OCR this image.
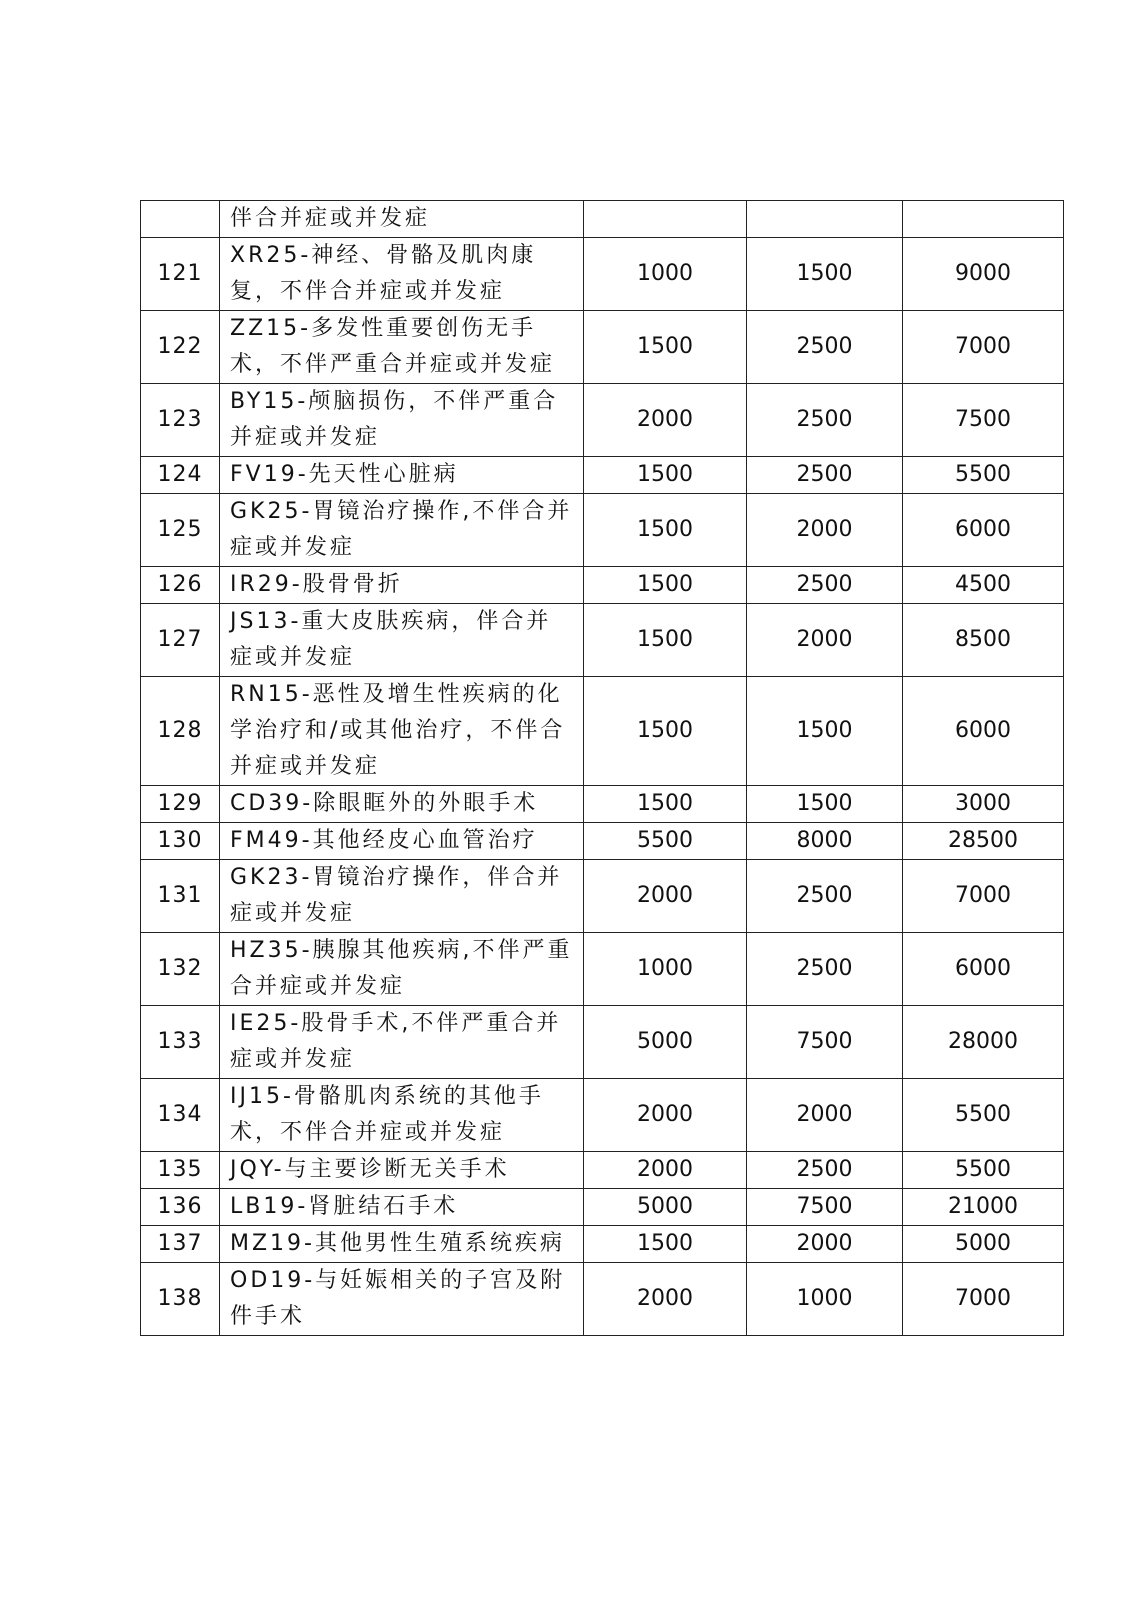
	伴合并症或并发症			
121	XR25-神经、骨骼及肌肉康复，不伴合并症或并发症	1000	1500	9000
122	ZZ15-多发性重要创伤无手术，不伴严重合并症或并发症	1500	2500	7000
123	BY15-颅脑损伤，不伴严重合并症或并发症	2000	2500	7500
124	FV19-先天性心脏病	1500	2500	5500
125	GK25-胃镜治疗操作,不伴合并症或并发症	1500	2000	6000
126	IR29-股骨骨折	1500	2500	4500
127	JS13-重大皮肤疾病，伴合并症或并发症	1500	2000	8500
128	RN15-恶性及增生性疾病的化学治疗和/或其他治疗，不伴合并症或并发症	1500	1500	6000
129	CD39-除眼眶外的外眼手术	1500	1500	3000
130	FM49-其他经皮心血管治疗	5500	8000	28500
131	GK23-胃镜治疗操作，伴合并症或并发症	2000	2500	7000
132	HZ35-胰腺其他疾病,不伴严重合并症或并发症	1000	2500	6000
133	IE25-股骨手术,不伴严重合并症或并发症	5000	7500	28000
134	IJ15-骨骼肌肉系统的其他手术，不伴合并症或并发症	2000	2000	5500
135	JQY-与主要诊断无关手术	2000	2500	5500
136	LB19-肾脏结石手术	5000	7500	21000
137	MZ19-其他男性生殖系统疾病	1500	2000	5000
138	OD19-与妊娠相关的子宫及附件手术	2000	1000	7000
